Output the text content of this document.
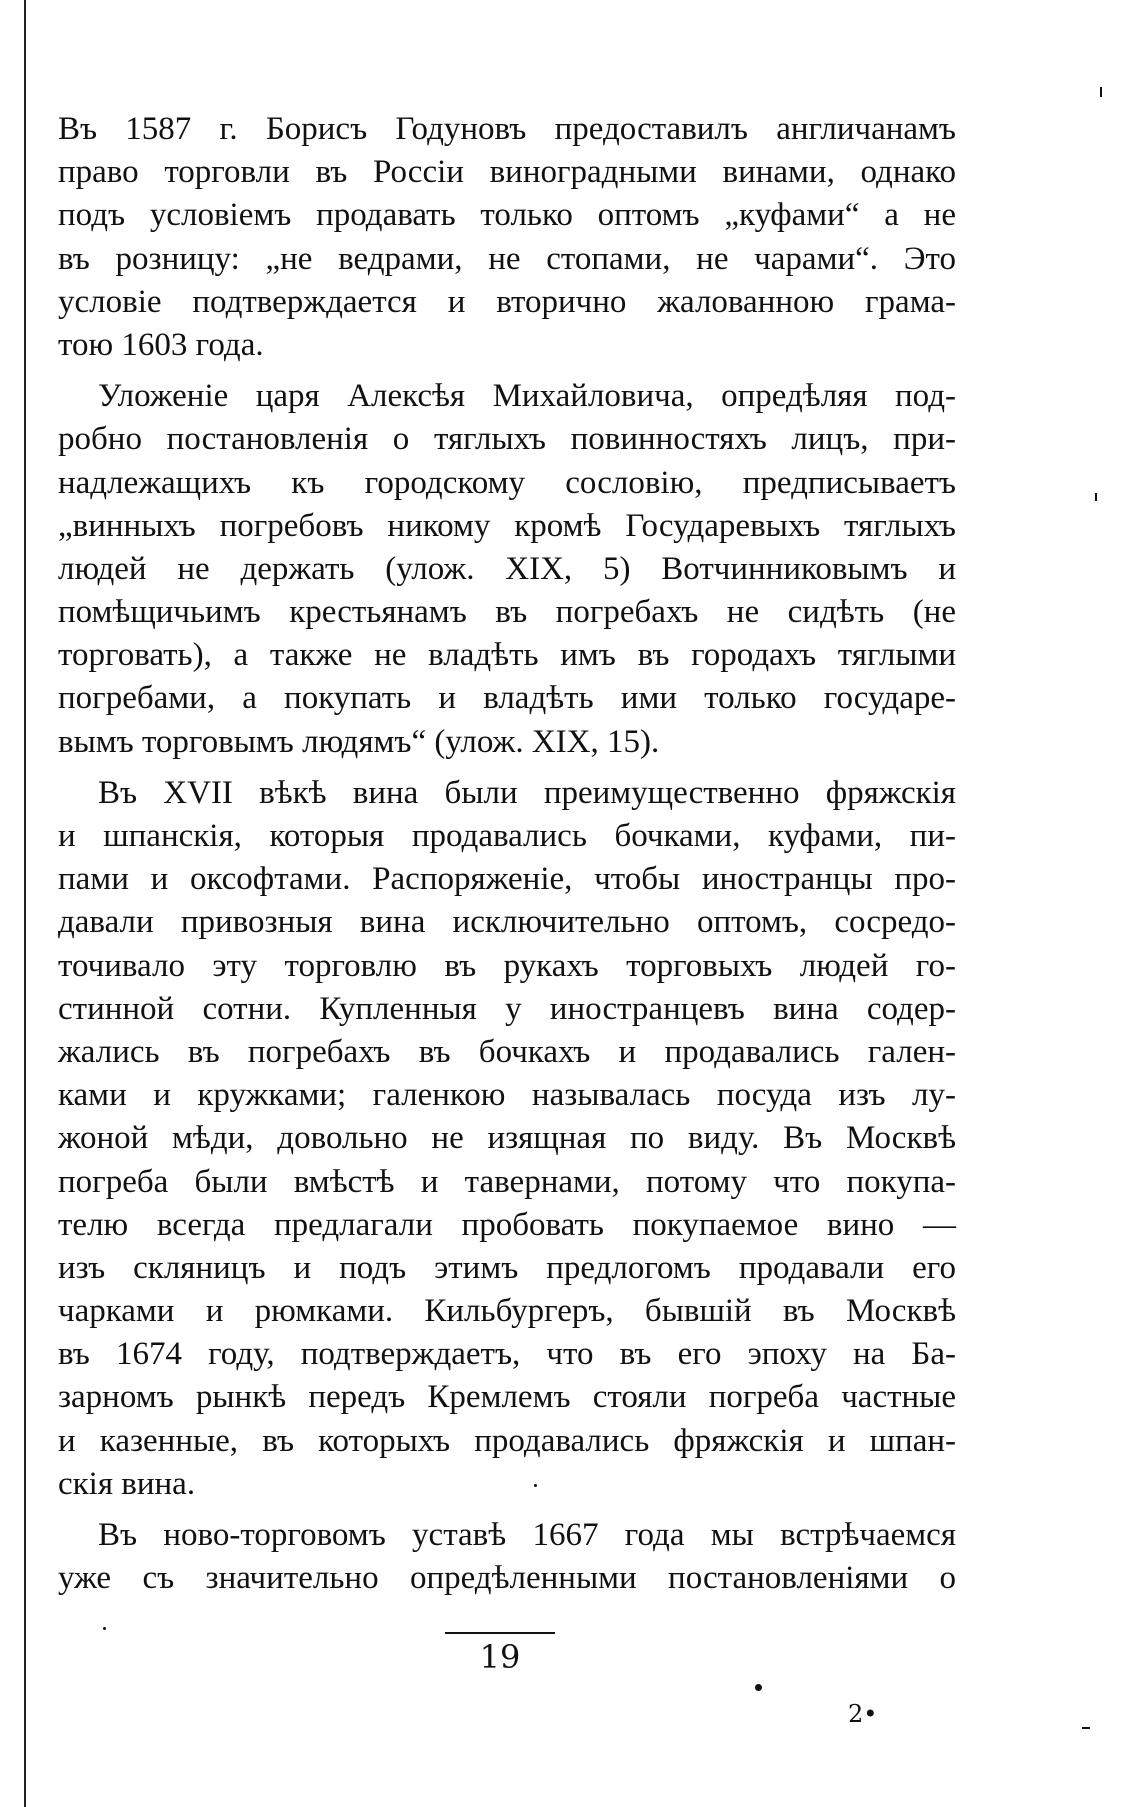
Въ 1587 г. Борисъ Годуновъ предоставилъ англичанамъ
право торговли въ Россіи виноградными винами, однако
подъ условіемъ продавать только оптомъ „куфами“ а не
въ розницу: „не ведрами, не стопами, не чарами“. Это
условіе подтверждается и вторично жалованною грама-
тою 1603 года.
Уложеніе царя Алексѣя Михайловича, опредѣляя под-
робно постановленія о тяглыхъ повинностяхъ лицъ, при-
надлежащихъ къ городскому сословію, предписываетъ
„винныхъ погребовъ никому кромѣ Государевыхъ тяглыхъ
людей не держать (улож. XIX, 5) Вотчинниковымъ и
помѣщичьимъ крестьянамъ въ погребахъ не сидѣть (не
торговать), а также не владѣть имъ въ городахъ тяглыми
погребами, а покупать и владѣть ими только государе-
вымъ торговымъ людямъ“ (улож. XIX, 15).
Въ XVII вѣкѣ вина были преимущественно фряжскія
и шпанскія, которыя продавались бочками, куфами, пи-
пами и оксофтами. Распоряженіе, чтобы иностранцы про-
давали привозныя вина исключительно оптомъ, сосредо-
точивало эту торговлю въ рукахъ торговыхъ людей го-
стинной сотни. Купленныя у иностранцевъ вина содер-
жались въ погребахъ въ бочкахъ и продавались гален-
ками и кружками; галенкою называлась посуда изъ лу-
жоной мѣди, довольно не изящная по виду. Въ Москвѣ
погреба были вмѣстѣ и тавернами, потому что покупа-
телю всегда предлагали пробовать покупаемое вино —
изъ скляницъ и подъ этимъ предлогомъ продавали его
чарками и рюмками. Кильбургеръ, бывшій въ Москвѣ
въ 1674 году, подтверждаетъ, что въ его эпоху на Ба-
зарномъ рынкѣ передъ Кремлемъ стояли погреба частные
и казенные, въ которыхъ продавались фряжскія и шпан-
скія вина.
Въ ново-торговомъ уставѣ 1667 года мы встрѣчаемся
уже съ значительно опредѣленными постановленіями о
19
2•
